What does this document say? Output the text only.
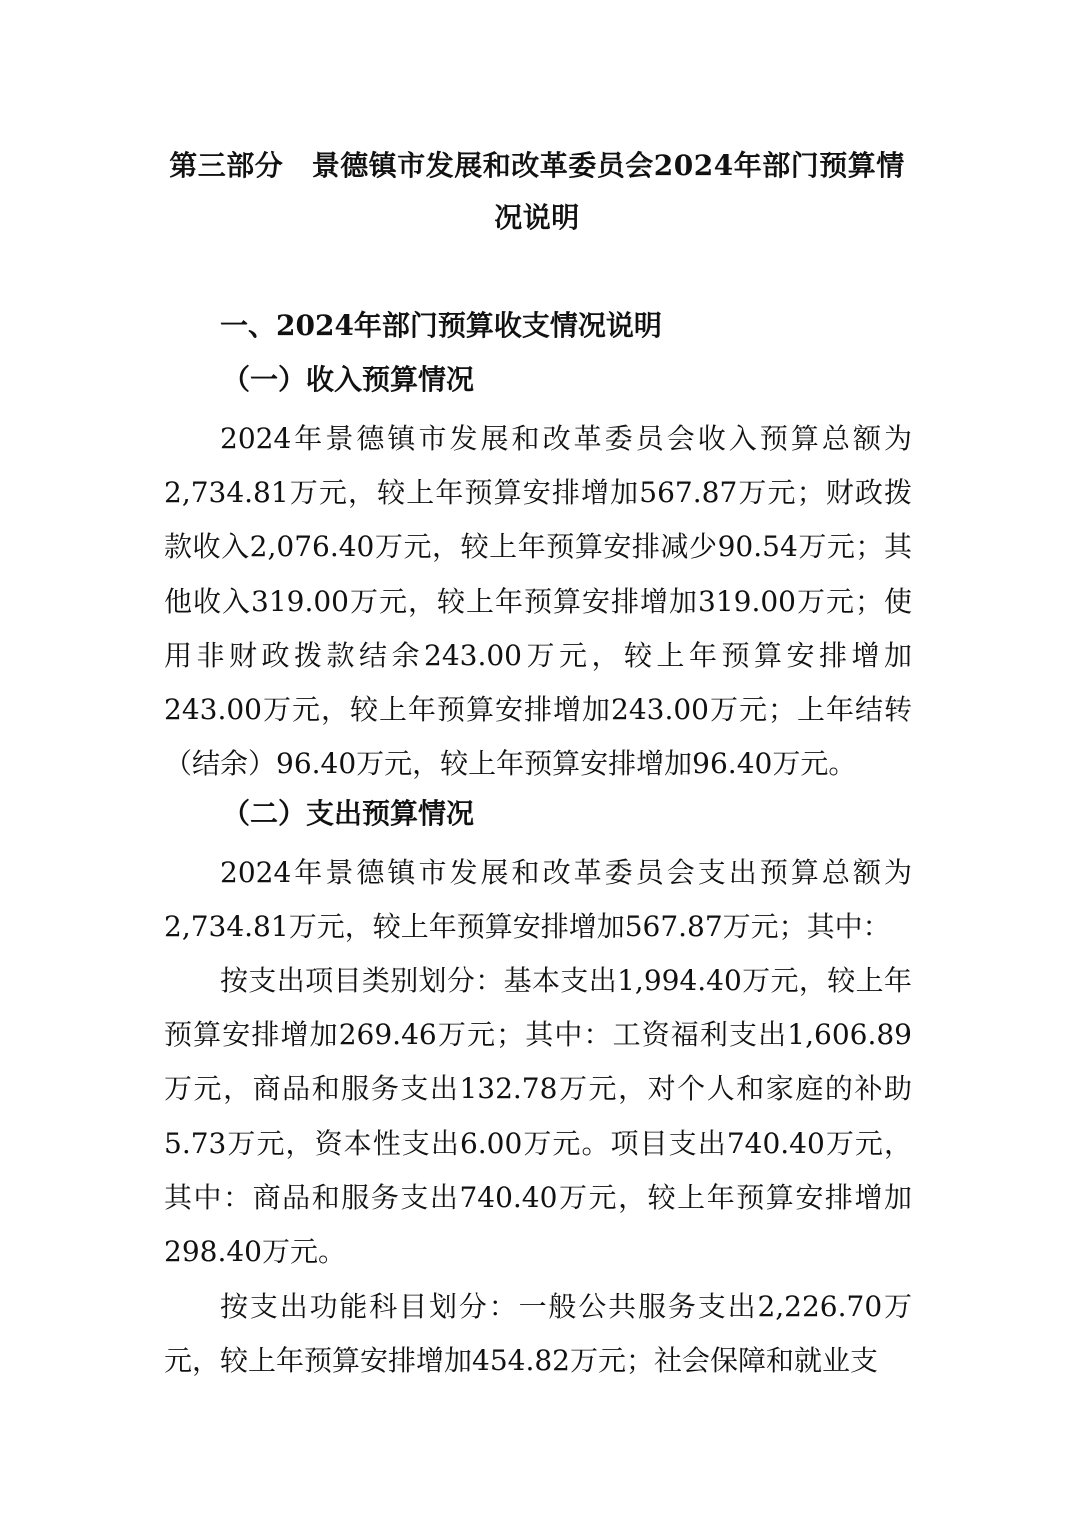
第三部分　景德镇市发展和改革委员会2024年部门预算情
况说明
一、2024年部门预算收支情况说明
（一）收入预算情况

2024年景德镇市发展和改革委员会收入预算总额为2,734.81万元，较上年预算安排增加567.87万元；财政拨款收入2,076.40万元，较上年预算安排减少90.54万元；其他收入319.00万元，较上年预算安排增加319.00万元；使用非财政拨款结余243.00万元，较上年预算安排增加243.00万元，较上年预算安排增加243.00万元；上年结转（结余）96.40万元，较上年预算安排增加96.40万元。

（二）支出预算情况

2024年景德镇市发展和改革委员会支出预算总额为2,734.81万元，较上年预算安排增加567.87万元；其中：

按支出项目类别划分：基本支出1,994.40万元，较上年预算安排增加269.46万元；其中：工资福利支出1,606.89万元，商品和服务支出132.78万元，对个人和家庭的补助5.73万元，资本性支出6.00万元。项目支出740.40万元，其中：商品和服务支出740.40万元，较上年预算安排增加298.40万元。

按支出功能科目划分：一般公共服务支出2,226.70万元，较上年预算安排增加454.82万元；社会保障和就业支
